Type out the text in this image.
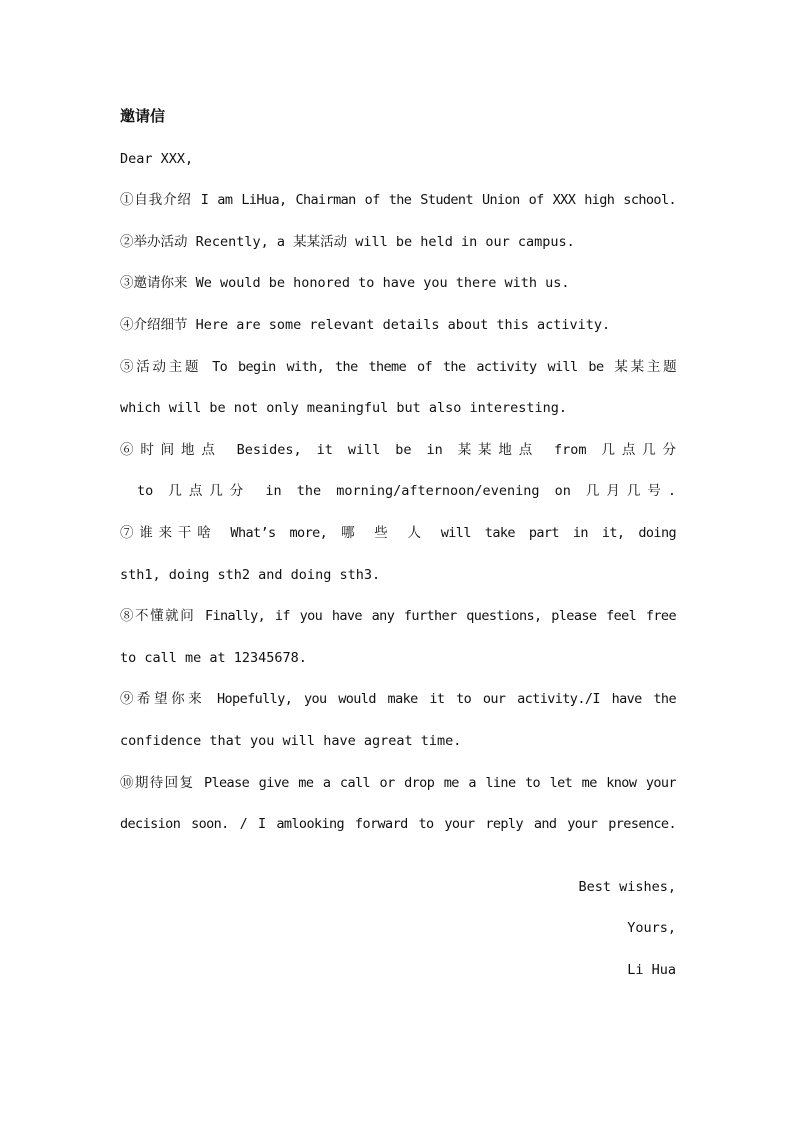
邀请信
Dear XXX,
①自我介绍 I am LiHua, Chairman of the Student Union of XXX high school.
②举办活动 Recently, a 某某活动 will be held in our campus.
③邀请你来 We would be honored to have you there with us.
④介绍细节 Here are some relevant details about this activity.
⑤活动主题 To begin with, the theme of the activity will be 某某主题
which will be not only meaningful but also interesting.
⑥时间地点 Besides, it will be in 某某地点 from 几点几分
to 几点几分 in the morning/afternoon/evening on 几月几号.
⑦谁来干啥 What’s more, 哪 些 人 will take part in it, doing
sth1, doing sth2 and doing sth3.
⑧不懂就问 Finally, if you have any further questions, please feel free
to call me at 12345678.
⑨希望你来 Hopefully, you would make it to our activity./I have the
confidence that you will have agreat time.
⑩期待回复 Please give me a call or drop me a line to let me know your
decision soon. / I amlooking forward to your reply and your presence.
Best wishes,
Yours,
Li Hua
